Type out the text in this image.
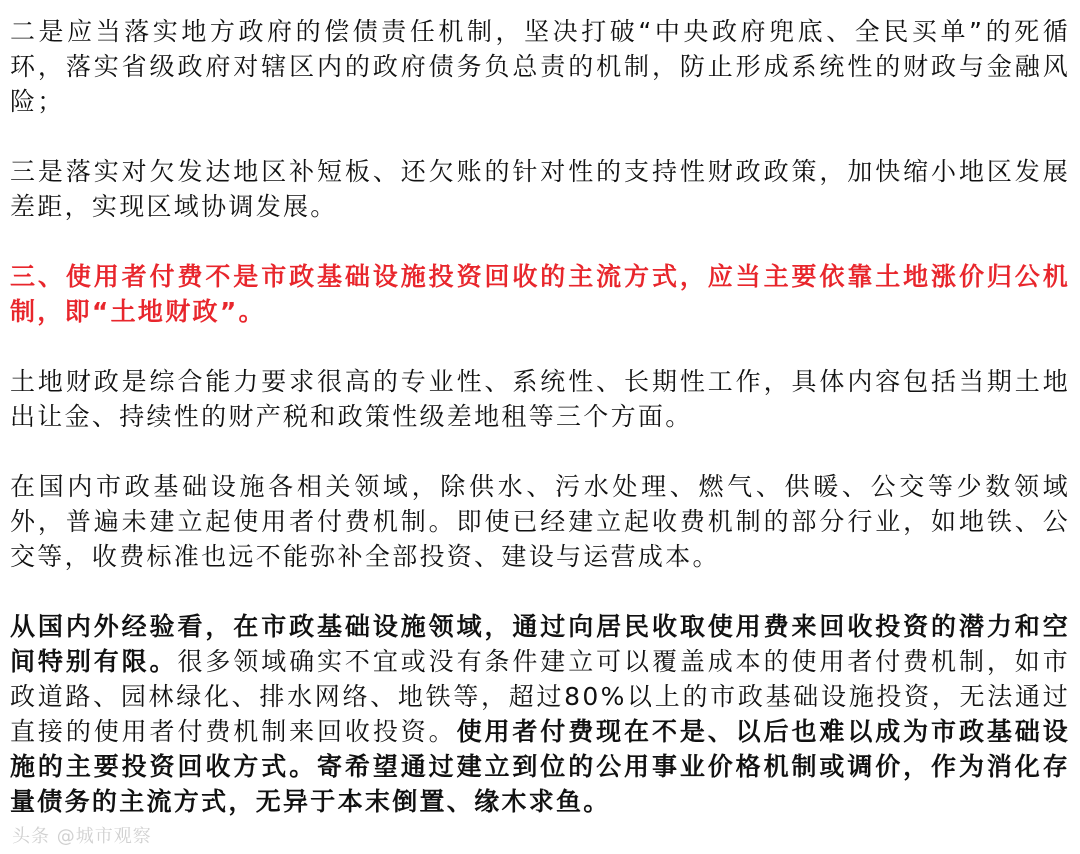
二是应当落实地方政府的偿债责任机制，坚决打破“中央政府兜底、全民买单”的死循环，落实省级政府对辖区内的政府债务负总责的机制，防止形成系统性的财政与金融风险；

三是落实对欠发达地区补短板、还欠账的针对性的支持性财政政策，加快缩小地区发展差距，实现区域协调发展。

三、使用者付费不是市政基础设施投资回收的主流方式，应当主要依靠土地涨价归公机制，即“土地财政”。

土地财政是综合能力要求很高的专业性、系统性、长期性工作，具体内容包括当期土地出让金、持续性的财产税和政策性级差地租等三个方面。

在国内市政基础设施各相关领域，除供水、污水处理、燃气、供暖、公交等少数领域外，普遍未建立起使用者付费机制。即使已经建立起收费机制的部分行业，如地铁、公交等，收费标准也远不能弥补全部投资、建设与运营成本。

从国内外经验看，在市政基础设施领域，通过向居民收取使用费来回收投资的潜力和空间特别有限。很多领域确实不宜或没有条件建立可以覆盖成本的使用者付费机制，如市政道路、园林绿化、排水网络、地铁等，超过80%以上的市政基础设施投资，无法通过直接的使用者付费机制来回收投资。使用者付费现在不是、以后也难以成为市政基础设施的主要投资回收方式。寄希望通过建立到位的公用事业价格机制或调价，作为消化存量债务的主流方式，无异于本末倒置、缘木求鱼。

头条 @城市观察
